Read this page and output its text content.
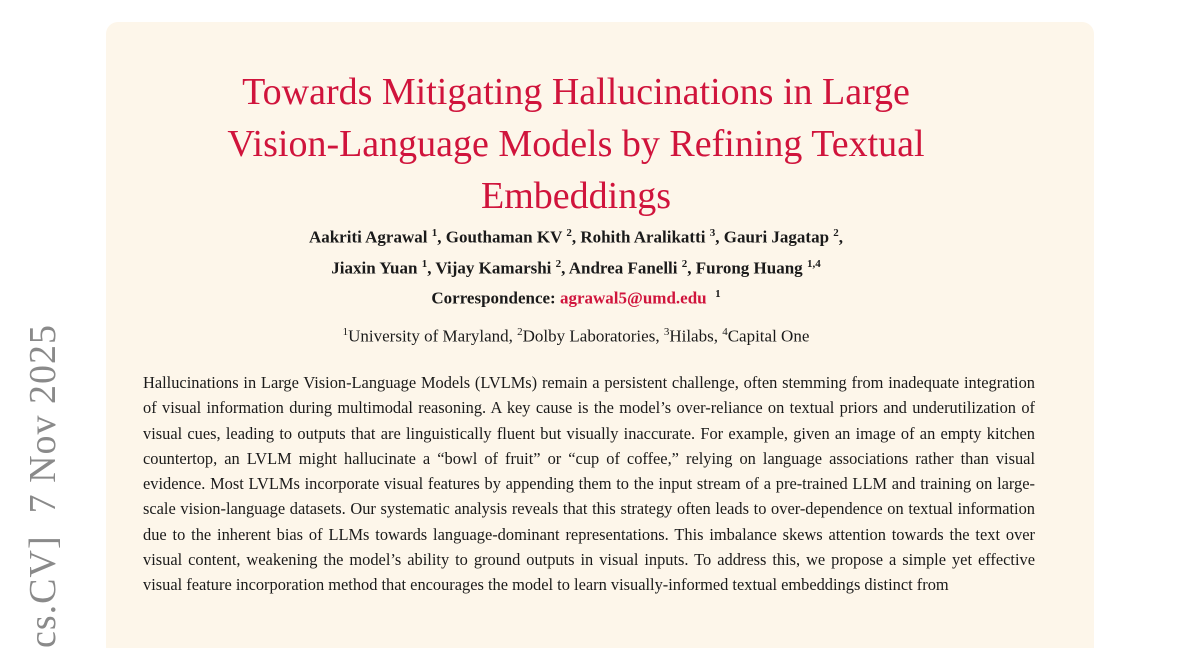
cs.CV]7 Nov 2025
Towards Mitigating Hallucinations in Large
Vision-Language Models by Refining Textual
Embeddings
Aakriti Agrawal $^1$, Gouthaman KV $^2$, Rohith Aralikatti $^3$, Gauri Jagatap $^2$,
Jiaxin Yuan $^1$, Vijay Kamarshi $^2$, Andrea Fanelli $^2$, Furong Huang $^{1,4}$
Correspondence: agrawal5@umd.edu $^1$
$^1$University of Maryland, $^2$Dolby Laboratories, $^3$Hilabs, $^4$Capital One

Hallucinations in Large Vision-Language Models (LVLMs) remain a persistent challenge, often stemming from inadequate integration of visual information during multimodal reasoning. A key cause is the model’s over-reliance on textual priors and underutilization of visual cues, leading to outputs that are linguistically fluent but visually inaccurate. For example, given an image of an empty kitchen countertop, an LVLM might hallucinate a “bowl of fruit” or “cup of coffee,” relying on language associations rather than visual evidence. Most LVLMs incorporate visual features by appending them to the input stream of a pre-trained LLM and training on large-scale vision-language datasets. Our systematic analysis reveals that this strategy often leads to over-dependence on textual information due to the inherent bias of LLMs towards language-dominant representations. This imbalance skews attention towards the text over visual content, weakening the model’s ability to ground outputs in visual inputs. To address this, we propose a simple yet effective visual feature incorporation method that encourages the model to learn visually-informed textual embeddings distinct from
